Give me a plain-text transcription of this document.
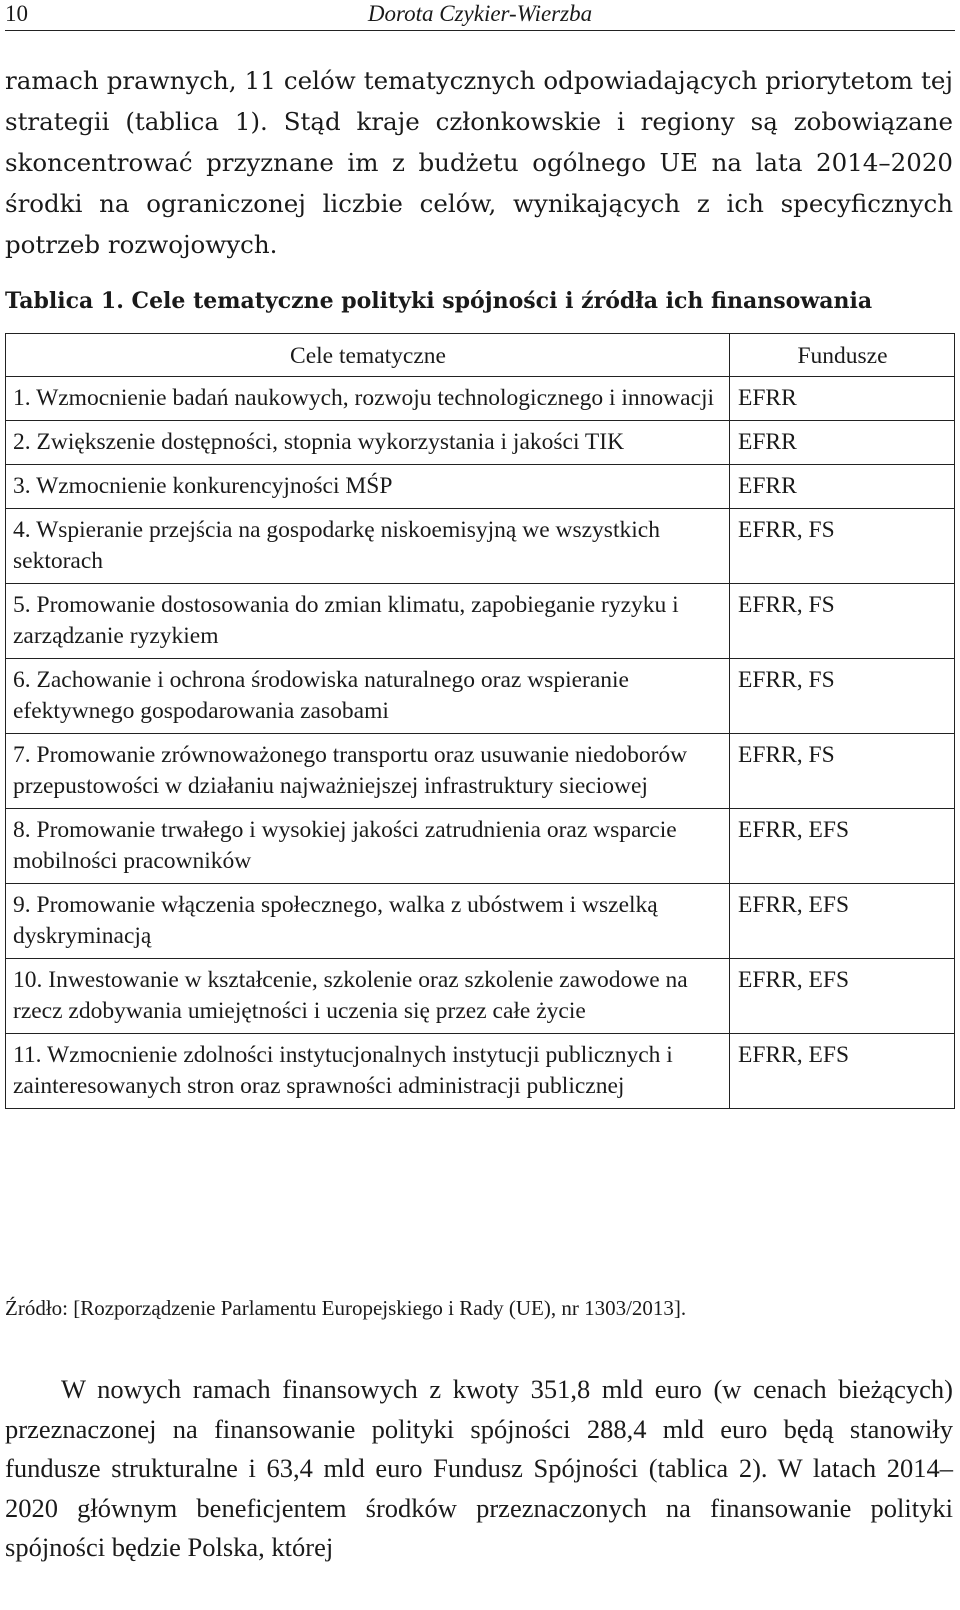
10	Dorota Czykier-Wierzba

ramach prawnych, 11 celów tematycznych odpowiadających priorytetom tej strategii (tablica 1). Stąd kraje członkowskie i regiony są zobowiązane skoncentrować przyznane im z budżetu ogólnego UE na lata 2014–2020 środki na ograniczonej liczbie celów, wynikających z ich specyficznych potrzeb rozwojowych.

Tablica 1. Cele tematyczne polityki spójności i źródła ich finansowania
Cele tematyczne	Fundusze
1. Wzmocnienie badań naukowych, rozwoju technologicznego i innowacji	EFRR
2. Zwiększenie dostępności, stopnia wykorzystania i jakości TIK	EFRR
3. Wzmocnienie konkurencyjności MŚP	EFRR
4. Wspieranie przejścia na gospodarkę niskoemisyjną we wszystkich sektorach	EFRR, FS
5. Promowanie dostosowania do zmian klimatu, zapobieganie ryzyku i zarządzanie ryzykiem	EFRR, FS
6. Zachowanie i ochrona środowiska naturalnego oraz wspieranie efektywnego gospodarowania zasobami	EFRR, FS
7. Promowanie zrównoważonego transportu oraz usuwanie niedoborów przepustowości w działaniu najważniejszej infrastruktury sieciowej	EFRR, FS
8. Promowanie trwałego i wysokiej jakości zatrudnienia oraz wsparcie mobilności pracowników	EFRR, EFS
9. Promowanie włączenia społecznego, walka z ubóstwem i wszelką dyskryminacją	EFRR, EFS
10. Inwestowanie w kształcenie, szkolenie oraz szkolenie zawodowe na rzecz zdobywania umiejętności i uczenia się przez całe życie	EFRR, EFS
11. Wzmocnienie zdolności instytucjonalnych instytucji publicznych i zainteresowanych stron oraz sprawności administracji publicznej	EFRR, EFS
Źródło: [Rozporządzenie Parlamentu Europejskiego i Rady (UE), nr 1303/2013].

W nowych ramach finansowych z kwoty 351,8 mld euro (w cenach bieżących) przeznaczonej na finansowanie polityki spójności 288,4 mld euro będą stanowiły fundusze strukturalne i 63,4 mld euro Fundusz Spójności (tablica 2). W latach 2014–2020 głównym beneficjentem środków przeznaczonych na finansowanie polityki spójności będzie Polska, której
